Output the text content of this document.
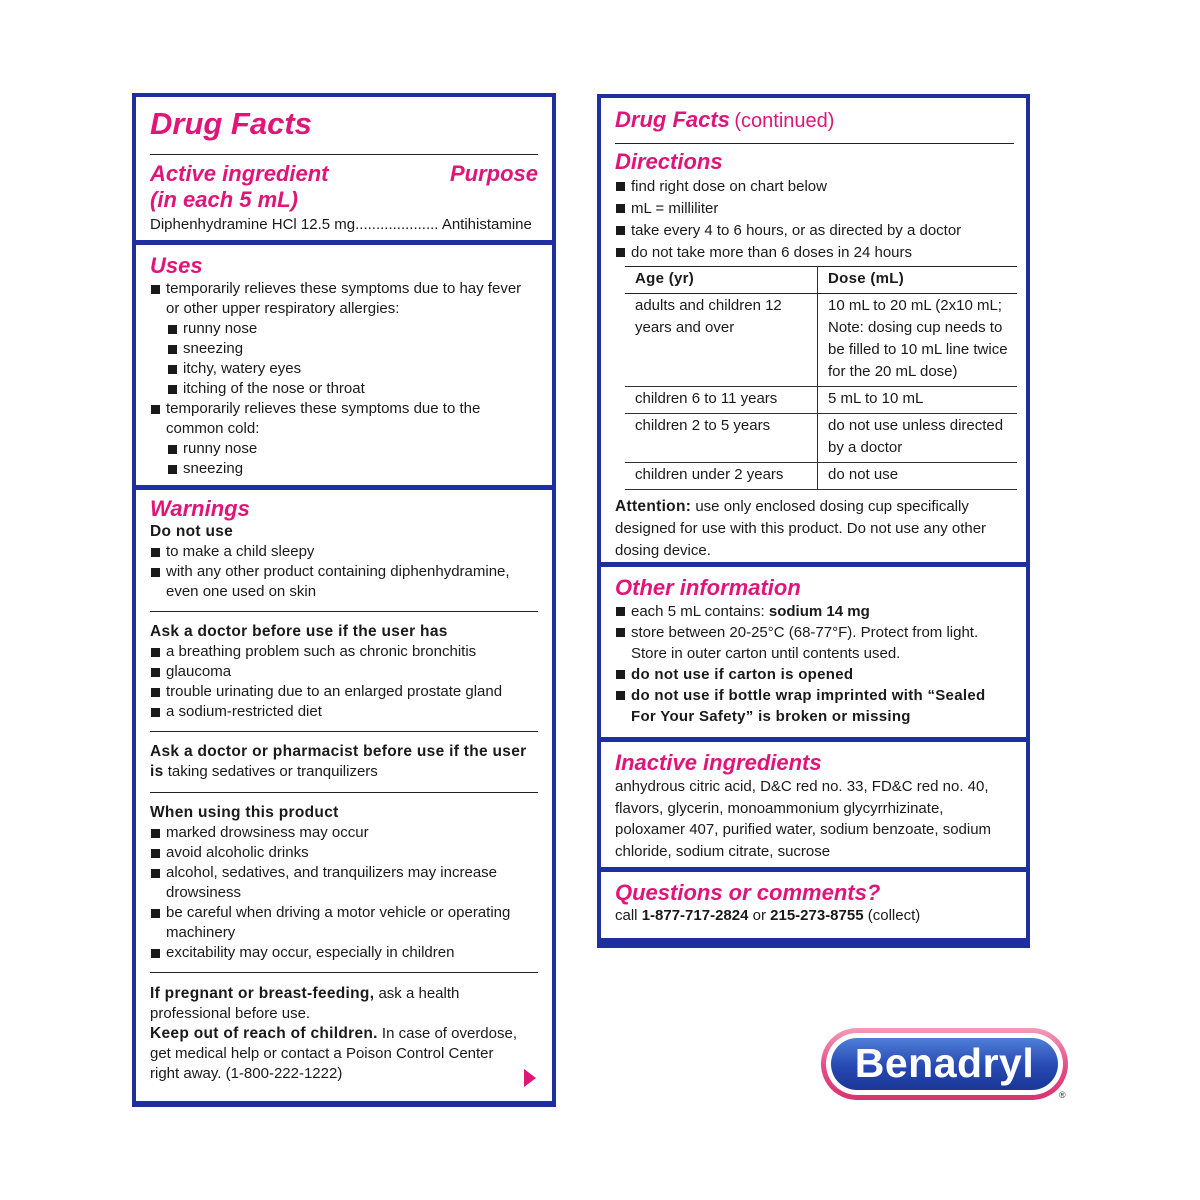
Drug Facts
Active ingredient
(in each 5 mL)
Purpose
Diphenhydramine HCl 12.5 mg.................... Antihistamine
Uses
temporarily relieves these symptoms due to hay fever or other upper respiratory allergies:
runny nose
sneezing
itchy, watery eyes
itching of the nose or throat
temporarily relieves these symptoms due to the common cold:
runny nose
sneezing
Warnings
Do not use
to make a child sleepy
with any other product containing diphenhydramine, even one used on skin
Ask a doctor before use if the user has
a breathing problem such as chronic bronchitis
glaucoma
trouble urinating due to an enlarged prostate gland
a sodium-restricted diet
Ask a doctor or pharmacist before use if the user is taking sedatives or tranquilizers
When using this product
marked drowsiness may occur
avoid alcoholic drinks
alcohol, sedatives, and tranquilizers may increase drowsiness
be careful when driving a motor vehicle or operating machinery
excitability may occur, especially in children
If pregnant or breast-feeding, ask a health professional before use.
Keep out of reach of children. In case of overdose, get medical help or contact a Poison Control Center right away. (1-800-222-1222)
Drug Facts (continued)
Directions
find right dose on chart below
mL = milliliter
take every 4 to 6 hours, or as directed by a doctor
do not take more than 6 doses in 24 hours
Age (yr)	Dose (mL)
adults and children 12 years and over	10 mL to 20 mL (2x10 mL; Note: dosing cup needs to be filled to 10 mL line twice for the 20 mL dose)
children 6 to 11 years	5 mL to 10 mL
children 2 to 5 years	do not use unless directed by a doctor
children under 2 years	do not use
Attention: use only enclosed dosing cup specifically designed for use with this product. Do not use any other dosing device.
Other information
each 5 mL contains: sodium 14 mg
store between 20-25°C (68-77°F). Protect from light. Store in outer carton until contents used.
do not use if carton is opened
do not use if bottle wrap imprinted with “Sealed For Your Safety” is broken or missing
Inactive ingredients
anhydrous citric acid, D&C red no. 33, FD&C red no. 40, flavors, glycerin, monoammonium glycyrrhizinate, poloxamer 407, purified water, sodium benzoate, sodium chloride, sodium citrate, sucrose
Questions or comments?
call 1-877-717-2824 or 215-273-8755 (collect)
Benadryl
®
